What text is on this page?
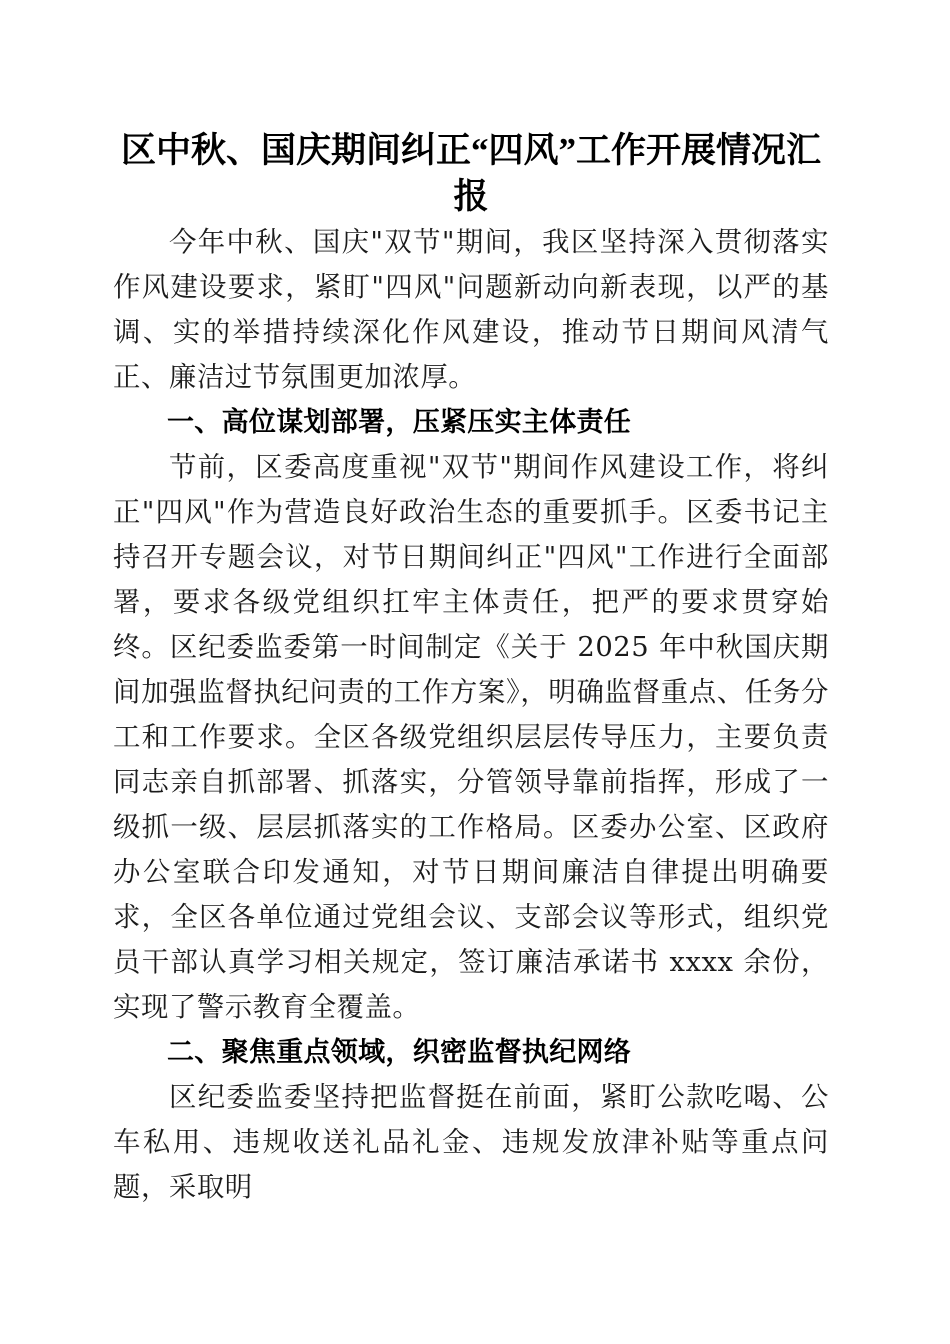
区中秋、国庆期间纠正“四风”工作开展情况汇报

今年中秋、国庆"双节"期间，我区坚持深入贯彻落实作风建设要求，紧盯"四风"问题新动向新表现，以严的基调、实的举措持续深化作风建设，推动节日期间风清气正、廉洁过节氛围更加浓厚。

一、高位谋划部署，压紧压实主体责任

节前，区委高度重视"双节"期间作风建设工作，将纠正"四风"作为营造良好政治生态的重要抓手。区委书记主持召开专题会议，对节日期间纠正"四风"工作进行全面部署，要求各级党组织扛牢主体责任，把严的要求贯穿始终。区纪委监委第一时间制定《关于 2025 年中秋国庆期间加强监督执纪问责的工作方案》，明确监督重点、任务分工和工作要求。全区各级党组织层层传导压力，主要负责同志亲自抓部署、抓落实，分管领导靠前指挥，形成了一级抓一级、层层抓落实的工作格局。区委办公室、区政府办公室联合印发通知，对节日期间廉洁自律提出明确要求，全区各单位通过党组会议、支部会议等形式，组织党员干部认真学习相关规定，签订廉洁承诺书 xxxx 余份，实现了警示教育全覆盖。

二、聚焦重点领域，织密监督执纪网络

区纪委监委坚持把监督挺在前面，紧盯公款吃喝、公车私用、违规收送礼品礼金、违规发放津补贴等重点问题，采取明
